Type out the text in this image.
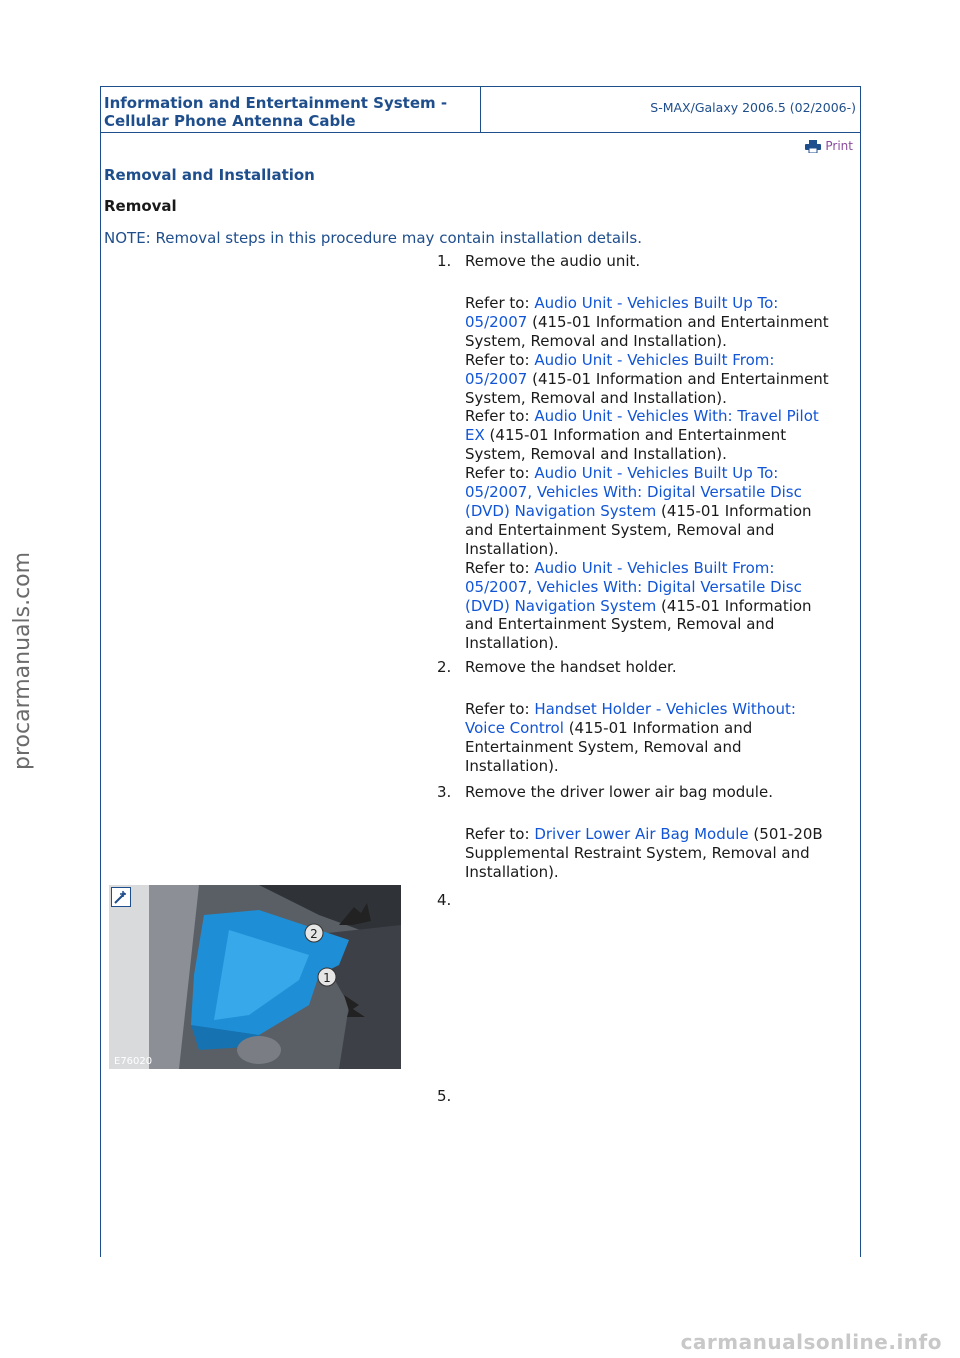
procarmanuals.com
Information and Entertainment System -
Cellular Phone Antenna Cable
S-MAX/Galaxy 2006.5 (02/2006-)
Print
Removal and Installation
Removal
NOTE: Removal steps in this procedure may contain installation details.
1. Remove the audio unit.
Refer to: Audio Unit - Vehicles Built Up To:
05/2007 (415-01 Information and Entertainment
System, Removal and Installation).
Refer to: Audio Unit - Vehicles Built From:
05/2007 (415-01 Information and Entertainment
System, Removal and Installation).
Refer to: Audio Unit - Vehicles With: Travel Pilot
EX (415-01 Information and Entertainment
System, Removal and Installation).
Refer to: Audio Unit - Vehicles Built Up To:
05/2007, Vehicles With: Digital Versatile Disc
(DVD) Navigation System (415-01 Information
and Entertainment System, Removal and
Installation).
Refer to: Audio Unit - Vehicles Built From:
05/2007, Vehicles With: Digital Versatile Disc
(DVD) Navigation System (415-01 Information
and Entertainment System, Removal and
Installation).
2. Remove the handset holder.
Refer to: Handset Holder - Vehicles Without:
Voice Control (415-01 Information and
Entertainment System, Removal and
Installation).
3. Remove the driver lower air bag module.
Refer to: Driver Lower Air Bag Module (501-20B
Supplemental Restraint System, Removal and
Installation).
2
1
E76020
4.
5.
carmanualsonline.info
